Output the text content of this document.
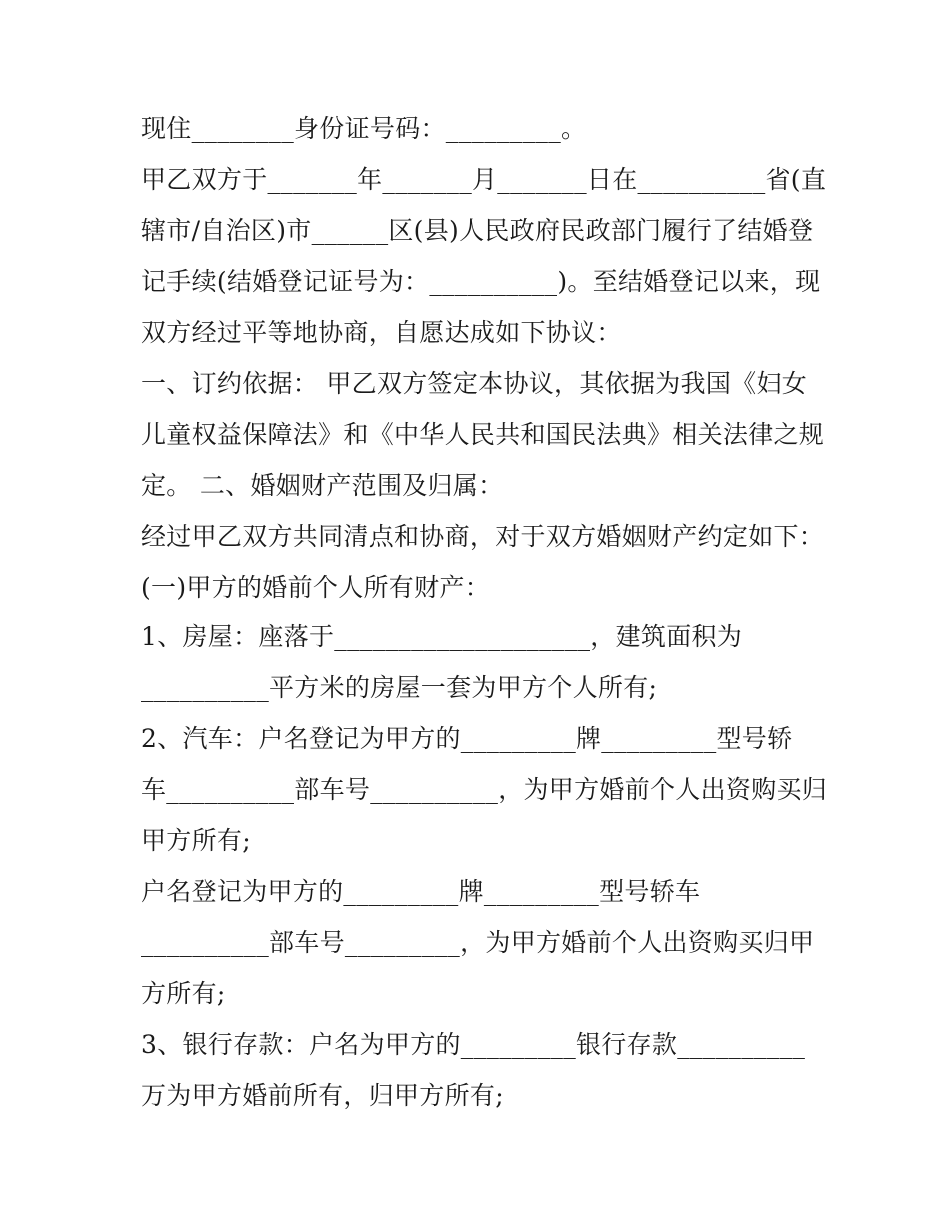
现住________身份证号码：_________。
甲乙双方于_______年_______月_______日在__________省(直
辖市/自治区)市______区(县)人民政府民政部门履行了结婚登
记手续(结婚登记证号为：__________)。至结婚登记以来，现
双方经过平等地协商，自愿达成如下协议：
一、订约依据： 甲乙双方签定本协议，其依据为我国《妇女
儿童权益保障法》和《中华人民共和国民法典》相关法律之规
定。 二、婚姻财产范围及归属：
经过甲乙双方共同清点和协商，对于双方婚姻财产约定如下：
(一)甲方的婚前个人所有财产：
1、房屋：座落于____________________，建筑面积为
__________平方米的房屋一套为甲方个人所有;
2、汽车：户名登记为甲方的_________牌_________型号轿
车__________部车号__________，为甲方婚前个人出资购买归
甲方所有;
户名登记为甲方的_________牌_________型号轿车
__________部车号_________，为甲方婚前个人出资购买归甲
方所有;
3、银行存款：户名为甲方的_________银行存款__________
万为甲方婚前所有，归甲方所有;
